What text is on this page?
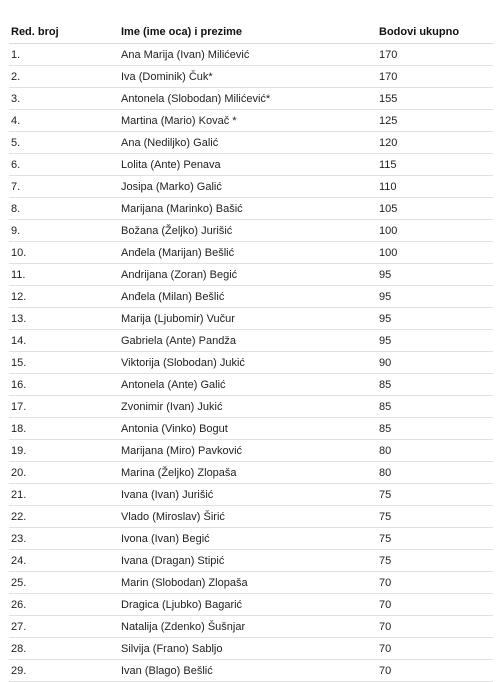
Red. broj	Ime (ime oca) i prezime	Bodovi ukupno
1.	Ana Marija (Ivan) Milićević	170
2.	Iva (Dominik) Čuk*	170
3.	Antonela (Slobodan) Milićević*	155
4.	Martina (Mario) Kovač *	125
5.	Ana (Nediljko) Galić	120
6.	Lolita (Ante) Penava	115
7.	Josipa (Marko) Galić	110
8.	Marijana (Marinko) Bašić	105
9.	Božana (Željko) Jurišić	100
10.	Anđela (Marijan) Bešlić	100
11.	Andrijana (Zoran) Begić	95
12.	Anđela (Milan) Bešlić	95
13.	Marija (Ljubomir) Vučur	95
14.	Gabriela (Ante) Pandža	95
15.	Viktorija (Slobodan) Jukić	90
16.	Antonela (Ante) Galić	85
17.	Zvonimir (Ivan) Jukić	85
18.	Antonia (Vinko) Bogut	85
19.	Marijana (Miro) Pavković	80
20.	Marina (Željko) Zlopaša	80
21.	Ivana (Ivan) Jurišić	75
22.	Vlado (Miroslav) Širić	75
23.	Ivona (Ivan) Begić	75
24.	Ivana (Dragan) Stipić	75
25.	Marin (Slobodan) Zlopaša	70
26.	Dragica (Ljubko) Bagarić	70
27.	Natalija (Zdenko) Šušnjar	70
28.	Silvija (Frano) Sabljo	70
29.	Ivan (Blago) Bešlić	70
